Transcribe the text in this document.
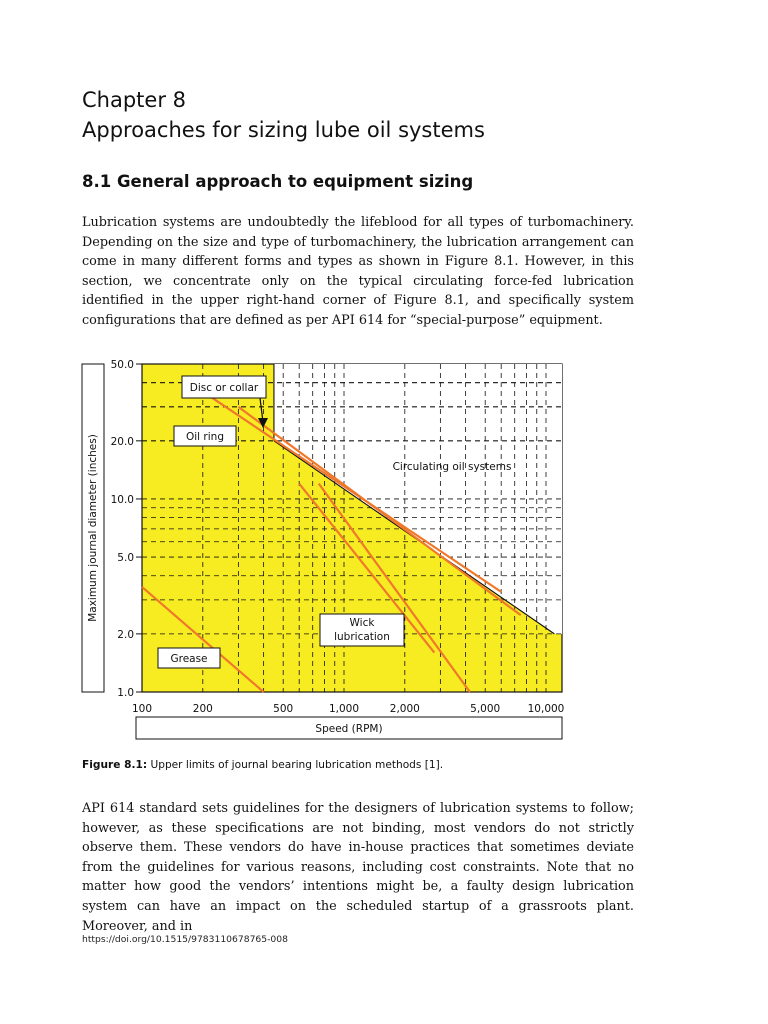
Chapter 8
Approaches for sizing lube oil systems
8.1 General approach to equipment sizing

Lubrication systems are undoubtedly the lifeblood for all types of turbomachinery. Depending on the size and type of turbomachinery, the lubrication arrangement can come in many different forms and types as shown in Figure 8.1. However, in this section, we concentrate only on the typical circulating force-fed lubrication identified in the upper right-hand corner of Figure 8.1, and specifically system configurations that are defined as per API 614 for “special-purpose” equipment.

Maximum journal diameter (inches)
50.0
20.0
10.0
5.0
2.0
1.0
100	200	500	1,000	2,000	5,000	10,000
Disc or collar
Oil ring
Wick
lubrication
Grease
Circulating oil systems
Speed (RPM)
Figure 8.1: Upper limits of journal bearing lubrication methods [1].

API 614 standard sets guidelines for the designers of lubrication systems to follow; however, as these specifications are not binding, most vendors do not strictly observe them. These vendors do have in-house practices that sometimes deviate from the guidelines for various reasons, including cost constraints. Note that no matter how good the vendors’ intentions might be, a faulty design lubrication system can have an impact on the scheduled startup of a grassroots plant. Moreover, and in

https://doi.org/10.1515/9783110678765-008
